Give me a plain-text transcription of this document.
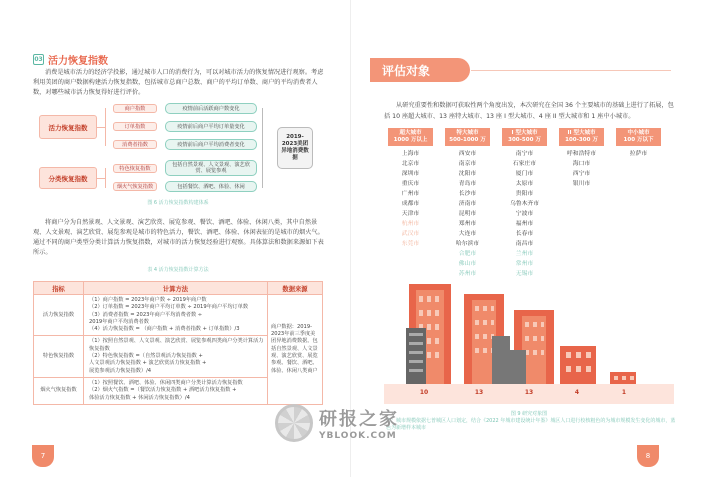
03 活力恢复指数
消费是城市活力的经济学投影，通过城市人口的消费行为，可以对城市活力的恢复情况进行观察。考虑利用美团的商户数据构建活力恢复指数，包括城市总商户总数、商户的平均订单数、商户的平均消费者人数，对哪些城市活力恢复得好进行评价。
活力恢复指数
分类恢复指数
商户指数
订单指数
消费者指数
特色恢复指数
烟火气恢复指数
疫情前后活跃商户数变化
疫情前后商户平均订单量变化
疫情前后商户平均消费者变化
包括自然景观、人文景观、演艺欣赏、展览参观
包括餐饮、酒吧、体验、休闲
2019-2023美团异地消费数据
图 6 活力恢复指数构建体系
将商户分为自然景观、人文景观、演艺欣赏、展览参观、餐饮、酒吧、体验、休闲八类，其中自然景观、人文景观、演艺欣赏、展览参观是城市的特色活力，餐饮、酒吧、体验、休闲表征的是城市的烟火气。通过不同的商户类型分类计算活力恢复指数，对城市的活力恢复经验进行观察。具体算法和数据来源如下表所示。
表 4 活力恢复指数计算方法
指标	计算方法	数据来源
活力恢复指数	（1）商户指数 = 2023年商户数 ÷ 2019年商户数
（2）订单指数 = 2023年商户平均订单数 ÷ 2019年商户平均订单数
（3）消费者指数 = 2023年商户平均消费者数 ÷
2019年商户平均消费者数
（4）活力恢复指数 = （商户指数 + 消费者指数 + 订单指数）/3	商户数据：2019-2023年前三季度美团异地消费数据。包括自然景观、人文景观、演艺欣赏、展览参观、餐饮、酒吧、体验、休闲八类商户
特色恢复指数	（1）按照自然景观、人文景观、演艺欣赏、展览参观四类商户分类计算活力恢复指数
（2）特色恢复指数 =（自然景观活力恢复指数 +
人文景观活力恢复指数 + 演艺欣赏活力恢复指数 +
展览参观活力恢复指数）/4	

烟火气恢复指数	（1）按照餐饮、酒吧、体验、休闲四类商户分类计算活力恢复指数
（2）烟火气指数 =（餐饮活力恢复指数 + 酒吧活力恢复指数 +
体验活力恢复指数 + 休闲活力恢复指数）/4	
7
评估对象
从研究重要性和数据可获取性两个角度出发，本次研究在全国 36 个主要城市的基础上进行了拓展，包括 10 座超大城市、13 座特大城市、13 座 I 型大城市、4 座 II 型大城市和 1 座中小城市。
超大城市
1000 万以上
上海市
北京市
深圳市
重庆市
广州市
成都市
天津市
杭州市
武汉市
东莞市
特大城市
500-1000 万
西安市
南京市
沈阳市
青岛市
长沙市
济南市
昆明市
郑州市
大连市
哈尔滨市
合肥市
佛山市
苏州市
I 型大城市
300-500 万
南宁市
石家庄市
厦门市
太原市
贵阳市
乌鲁木齐市
宁波市
福州市
长春市
南昌市
兰州市
常州市
无锡市
II 型大城市
100-300 万
呼和浩特市
海口市
西宁市
银川市
中小城市
100 万以下
拉萨市
10	13	13	4	1
图 9 研究对象图
注：城市规模依据七普城区人口划定，结合《2022 年城市建设统计年鉴》城区人口进行校核粗色的为城市规模发生变化的城市，蓝色为新增样本城市
8
研报之家
YBLOOK.COM
